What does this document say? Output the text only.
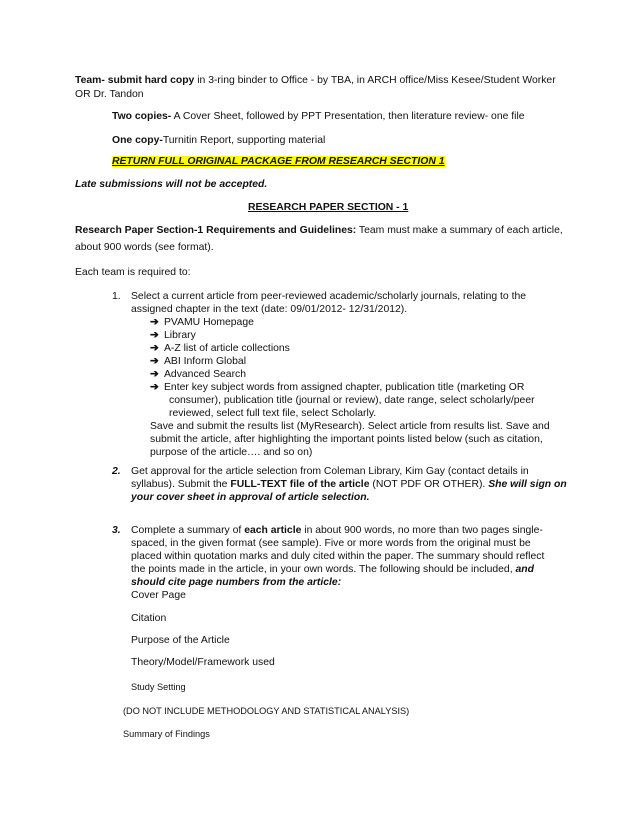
Team- submit hard copy in 3-ring binder to Office - by TBA, in ARCH office/Miss Kesee/Student Worker
OR Dr. Tandon
Two copies- A Cover Sheet, followed by PPT Presentation, then literature review- one file
One copy-Turnitin Report, supporting material
RETURN FULL ORIGINAL PACKAGE FROM RESEARCH SECTION 1
Late submissions will not be accepted.
RESEARCH PAPER SECTION - 1
Research Paper Section-1 Requirements and Guidelines: Team must make a summary of each article,
about 900 words (see format).
Each team is required to:
1. Select a current article from peer-reviewed academic/scholarly journals, relating to the
assigned chapter in the text (date: 09/01/2012- 12/31/2012).
➔ PVAMU Homepage
➔ Library
➔ A-Z list of article collections
➔ ABI Inform Global
➔ Advanced Search
➔ Enter key subject words from assigned chapter, publication title (marketing OR
consumer), publication title (journal or review), date range, select scholarly/peer
reviewed, select full text file, select Scholarly.
Save and submit the results list (MyResearch). Select article from results list. Save and
submit the article, after highlighting the important points listed below (such as citation,
purpose of the article…. and so on)
2. Get approval for the article selection from Coleman Library, Kim Gay (contact details in
syllabus). Submit the FULL-TEXT file of the article (NOT PDF OR OTHER). She will sign on
your cover sheet in approval of article selection.
3. Complete a summary of each article in about 900 words, no more than two pages single-
spaced, in the given format (see sample). Five or more words from the original must be
placed within quotation marks and duly cited within the paper. The summary should reflect
the points made in the article, in your own words. The following should be included, and
should cite page numbers from the article:
Cover Page
Citation
Purpose of the Article
Theory/Model/Framework used
Study Setting
(DO NOT INCLUDE METHODOLOGY AND STATISTICAL ANALYSIS)
Summary of Findings
